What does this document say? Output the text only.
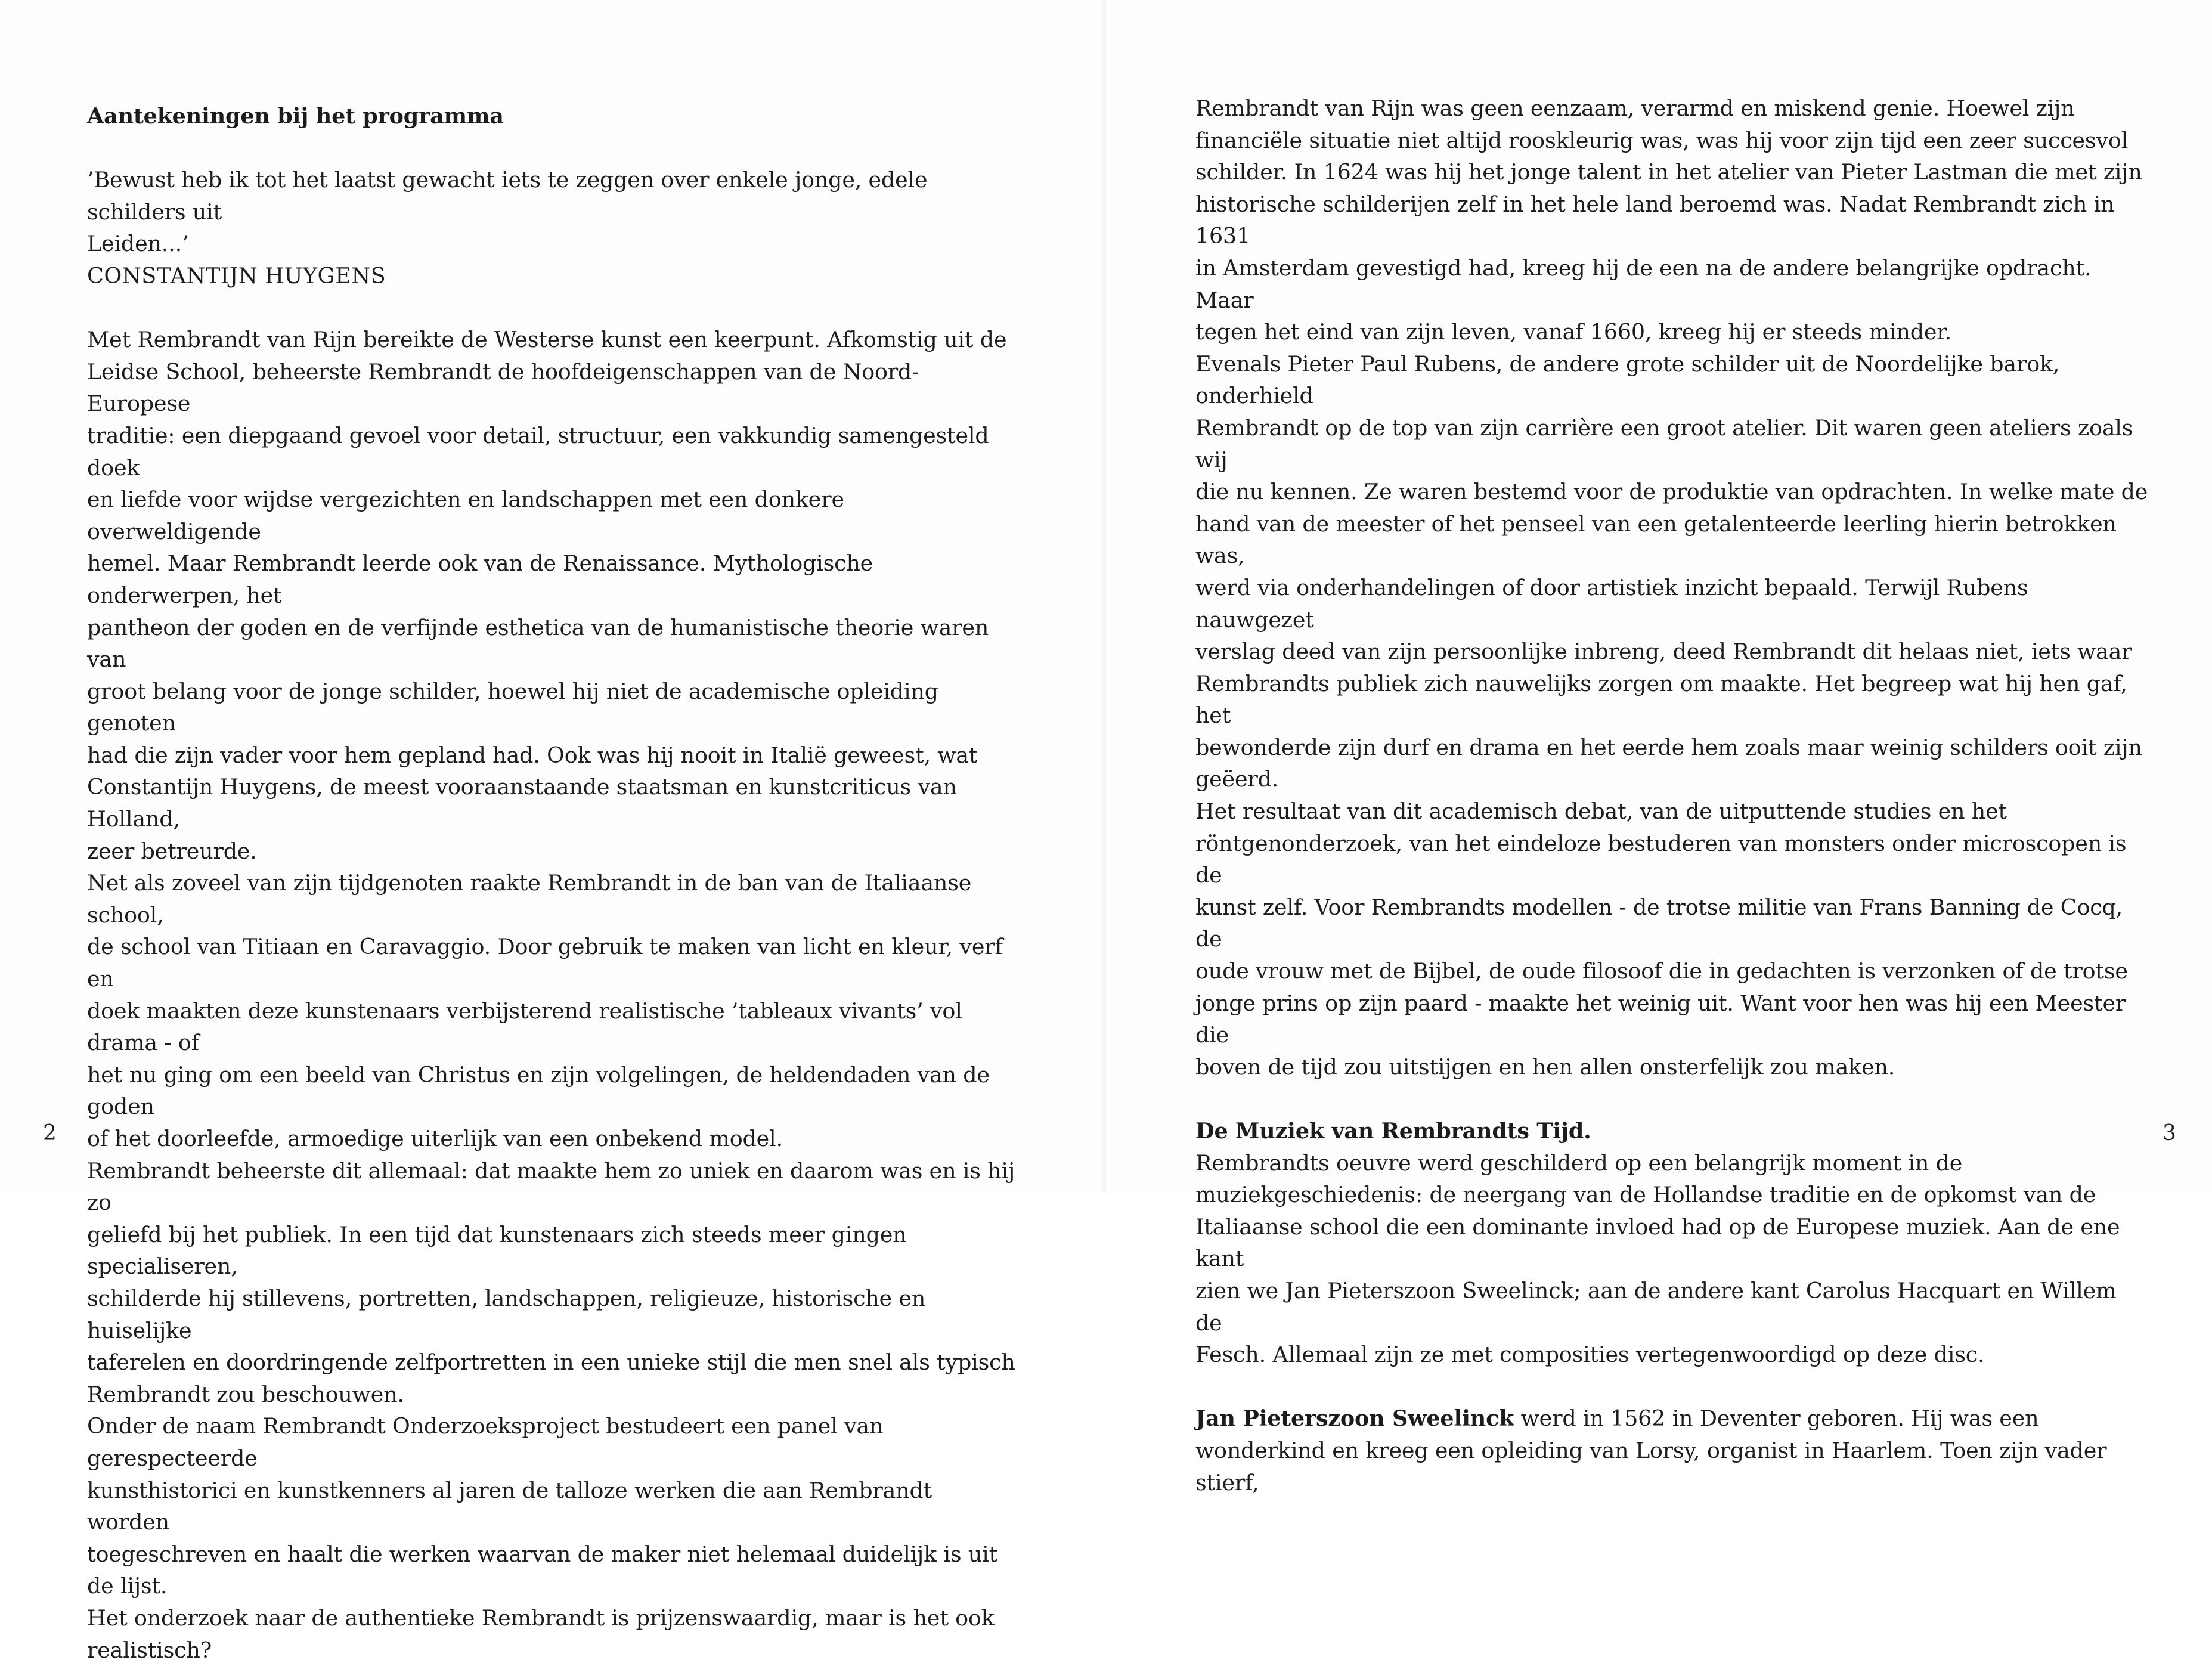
Aantekeningen bij het programma

’Bewust heb ik tot het laatst gewacht iets te zeggen over enkele jonge, edele schilders uit

Leiden...’

CONSTANTIJN HUYGENS

Met Rembrandt van Rijn bereikte de Westerse kunst een keerpunt. Afkomstig uit de

Leidse School, beheerste Rembrandt de hoofdeigenschappen van de Noord-Europese

traditie: een diepgaand gevoel voor detail, structuur, een vakkundig samengesteld doek

en liefde voor wijdse vergezichten en landschappen met een donkere overweldigende

hemel. Maar Rembrandt leerde ook van de Renaissance. Mythologische onderwerpen, het

pantheon der goden en de verfijnde esthetica van de humanistische theorie waren van

groot belang voor de jonge schilder, hoewel hij niet de academische opleiding genoten

had die zijn vader voor hem gepland had. Ook was hij nooit in Italië geweest, wat

Constantijn Huygens, de meest vooraanstaande staatsman en kunstcriticus van Holland,

zeer betreurde.

Net als zoveel van zijn tijdgenoten raakte Rembrandt in de ban van de Italiaanse school,

de school van Titiaan en Caravaggio. Door gebruik te maken van licht en kleur, verf en

doek maakten deze kunstenaars verbijsterend realistische ’tableaux vivants’ vol drama - of

het nu ging om een beeld van Christus en zijn volgelingen, de heldendaden van de goden

of het doorleefde, armoedige uiterlijk van een onbekend model.

Rembrandt beheerste dit allemaal: dat maakte hem zo uniek en daarom was en is hij zo

geliefd bij het publiek. In een tijd dat kunstenaars zich steeds meer gingen specialiseren,

schilderde hij stillevens, portretten, landschappen, religieuze, historische en huiselijke

taferelen en doordringende zelfportretten in een unieke stijl die men snel als typisch

Rembrandt zou beschouwen.

Onder de naam Rembrandt Onderzoeksproject bestudeert een panel van gerespecteerde

kunsthistorici en kunstkenners al jaren de talloze werken die aan Rembrandt worden

toegeschreven en haalt die werken waarvan de maker niet helemaal duidelijk is uit de lijst.

Het onderzoek naar de authentieke Rembrandt is prijzenswaardig, maar is het ook

realistisch?

2

Rembrandt van Rijn was geen eenzaam, verarmd en miskend genie. Hoewel zijn

financiële situatie niet altijd rooskleurig was, was hij voor zijn tijd een zeer succesvol

schilder. In 1624 was hij het jonge talent in het atelier van Pieter Lastman die met zijn

historische schilderijen zelf in het hele land beroemd was. Nadat Rembrandt zich in 1631

in Amsterdam gevestigd had, kreeg hij de een na de andere belangrijke opdracht. Maar

tegen het eind van zijn leven, vanaf 1660, kreeg hij er steeds minder.

Evenals Pieter Paul Rubens, de andere grote schilder uit de Noordelijke barok, onderhield

Rembrandt op de top van zijn carrière een groot atelier. Dit waren geen ateliers zoals wij

die nu kennen. Ze waren bestemd voor de produktie van opdrachten. In welke mate de

hand van de meester of het penseel van een getalenteerde leerling hierin betrokken was,

werd via onderhandelingen of door artistiek inzicht bepaald. Terwijl Rubens nauwgezet

verslag deed van zijn persoonlijke inbreng, deed Rembrandt dit helaas niet, iets waar

Rembrandts publiek zich nauwelijks zorgen om maakte. Het begreep wat hij hen gaf, het

bewonderde zijn durf en drama en het eerde hem zoals maar weinig schilders ooit zijn

geëerd.

Het resultaat van dit academisch debat, van de uitputtende studies en het

röntgenonderzoek, van het eindeloze bestuderen van monsters onder microscopen is de

kunst zelf. Voor Rembrandts modellen - de trotse militie van Frans Banning de Cocq, de

oude vrouw met de Bijbel, de oude filosoof die in gedachten is verzonken of de trotse

jonge prins op zijn paard - maakte het weinig uit. Want voor hen was hij een Meester die

boven de tijd zou uitstijgen en hen allen onsterfelijk zou maken.

De Muziek van Rembrandts Tijd.

Rembrandts oeuvre werd geschilderd op een belangrijk moment in de

muziekgeschiedenis: de neergang van de Hollandse traditie en de opkomst van de

Italiaanse school die een dominante invloed had op de Europese muziek. Aan de ene kant

zien we Jan Pieterszoon Sweelinck; aan de andere kant Carolus Hacquart en Willem de

Fesch. Allemaal zijn ze met composities vertegenwoordigd op deze disc.

Jan Pieterszoon Sweelinck werd in 1562 in Deventer geboren. Hij was een

wonderkind en kreeg een opleiding van Lorsy, organist in Haarlem. Toen zijn vader stierf,

3
